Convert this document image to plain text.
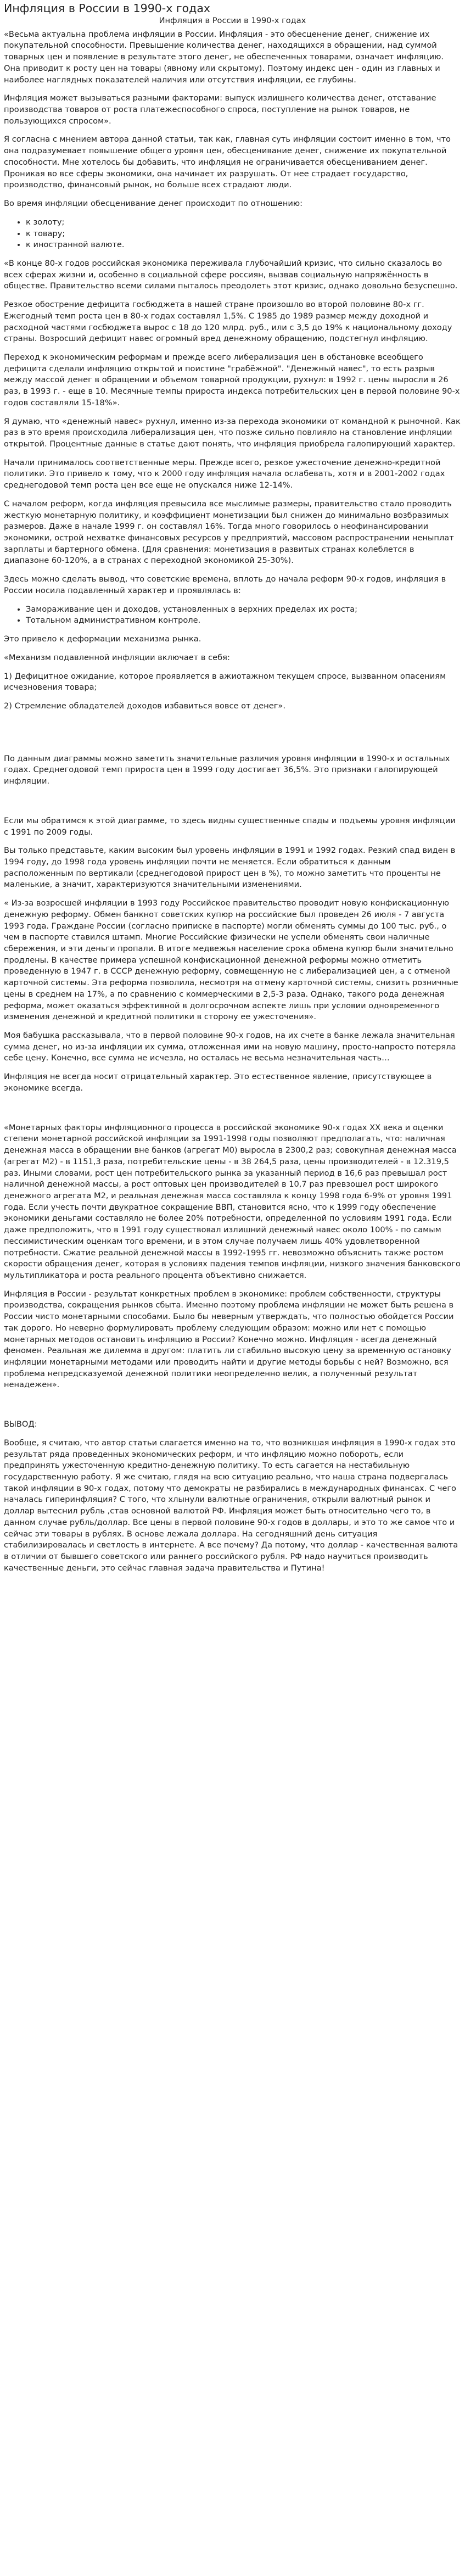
Инфляция в России в 1990-х годах
Инфляция в России в 1990-х годах

«Весьма актуальна проблема инфляции в России. Инфляция - это обесценение денег, снижение их покупательной способности. Превышение количества денег, находящихся в обращении, над суммой товарных цен и появление в результате этого денег, не обеспеченных товарами, означает инфляцию. Она приводит к росту цен на товары (явному или скрытому). Поэтому индекс цен - один из главных и наиболее наглядных показателей наличия или отсутствия инфляции, ее глубины.

Инфляция может вызываться разными факторами: выпуск излишнего количества денег, отставание производства товаров от роста платежеспособного спроса, поступление на рынок товаров, не пользующихся спросом».

Я согласна с мнением автора данной статьи, так как, главная суть инфляции состоит именно в том, что она подразумевает повышение общего уровня цен, обесценивание денег, снижение их покупательной способности. Мне хотелось бы добавить, что инфляция не ограничивается обесцениванием денег. Проникая во все сферы экономики, она начинает их разрушать. От нее страдает государство, производство, финансовый рынок, но больше всех страдают люди.

Во время инфляции обесценивание денег происходит по отношению:

• к золоту;
• к товару;
• к иностранной валюте.

«В конце 80-х годов российская экономика переживала глубочайший кризис, что сильно сказалось во всех сферах жизни и, особенно в социальной сфере россиян, вызвав социальную напряжённость в обществе. Правительство всеми силами пыталось преодолеть этот кризис, однако довольно безуспешно.

Резкое обострение дефицита госбюджета в нашей стране произошло во второй половине 80-х гг. Ежегодный темп роста цен в 80-х годах составлял 1,5%. С 1985 до 1989 размер между доходной и расходной частями госбюджета вырос с 18 до 120 млрд. руб., или с 3,5 до 19% к национальному доходу страны. Возросший дефицит навес огромный вред денежному обращению, подстегнул инфляцию.

Переход к экономическим реформам и прежде всего либерализация цен в обстановке всеобщего дефицита сделали инфляцию открытой и поистине "грабёжной". "Денежный навес", то есть разрыв между массой денег в обращении и объемом товарной продукции, рухнул: в 1992 г. цены выросли в 26 раз, в 1993 г. - еще в 10. Месячные темпы прироста индекса потребительских цен в первой половине 90-х годов составляли 15-18%».

Я думаю, что «денежный навес» рухнул, именно из-за перехода экономики от командной к рыночной. Как раз в это время происходила либерализация цен, что позже сильно повлияло на становление инфляции открытой. Процентные данные в статье дают понять, что инфляция приобрела галопирующий характер.

Начали принималось соответственные меры. Прежде всего, резкое ужесточение денежно-кредитной политики. Это привело к тому, что к 2000 году инфляция начала ослабевать, хотя и в 2001-2002 годах среднегодовой темп роста цен все еще не опускался ниже 12-14%.

С началом реформ, когда инфляция превысила все мыслимые размеры, правительство стало проводить жесткую монетарную политику, и коэффициент монетизации был снижен до минимально возбразимых размеров. Даже в начале 1999 г. он составлял 16%. Тогда много говорилось о неофинансировании экономики, острой нехватке финансовых ресурсов у предприятий, массовом распространении неныплат зарплаты и бартерного обмена. (Для сравнения: монетизация в развитых странах колеблется в диапазоне 60-120%, а в странах с переходной экономикой 25-30%).

Здесь можно сделать вывод, что советские времена, вплоть до начала реформ 90-х годов, инфляция в России носила подавленный характер и проявлялась в:

• Замораживание цен и доходов, установленных в верхних пределах их роста;
• Тотальном административном контроле.

Это привело к деформации механизма рынка.

«Механизм подавленной инфляции включает в себя:

1) Дефицитное ожидание, которое проявляется в ажиотажном текущем спросе, вызванном опасениям исчезновения товара;

2) Стремление обладателей доходов избавиться вовсе от денег».

По данным диаграммы можно заметить значительные различия уровня инфляции в 1990-х и остальных годах. Среднегодовой темп прироста цен в 1999 году достигает 36,5%. Это признаки галопирующей инфляции.

Если мы обратимся к этой диаграмме, то здесь видны существенные спады и подъемы уровня инфляции с 1991 по 2009 годы.

Вы только представьте, каким высоким был уровень инфляции в 1991 и 1992 годах. Резкий спад виден в 1994 году, до 1998 года уровень инфляции почти не меняется. Если обратиться к данным расположенным по вертикали (среднегодовой прирост цен в %), то можно заметить что проценты не маленькие, а значит, характеризуются значительными изменениями.

« Из-за возросшей инфляции в 1993 году Российское правительство проводит новую конфискационную денежную реформу. Обмен банкнот советских купюр на российские был проведен 26 июля - 7 августа 1993 года. Граждане России (согласно приписке в паспорте) могли обменять суммы до 100 тыс. руб., о чем в паспорте ставился штамп. Многие Российские физически не успели обменять свои наличные сбережения, и эти деньги пропали. В итоге медвежья население срока обмена купюр были значительно продлены. В качестве примера успешной конфискационной денежной реформы можно отметить проведенную в 1947 г. в СССР денежную реформу, совмещенную не с либерализацией цен, а с отменой карточной системы. Эта реформа позволила, несмотря на отмену карточной системы, снизить розничные цены в среднем на 17%, а по сравнению с коммерческими в 2,5-3 раза. Однако, такого рода денежная реформа, может оказаться эффективной в долгосрочном аспекте лишь при условии одновременного изменения денежной и кредитной политики в сторону ее ужесточения».

Моя бабушка рассказывала, что в первой половине 90-х годов, на их счете в банке лежала значительная сумма денег, но из-за инфляции их сумма, отложенная ими на новую машину, просто-напросто потеряла себе цену. Конечно, все сумма не исчезла, но осталась не весьма незначительная часть…

Инфляция не всегда носит отрицательный характер. Это естественное явление, присутствующее в экономике всегда.

«Монетарных факторы инфляционного процесса в российской экономике 90-х годах XX века и оценки степени монетарной российской инфляции за 1991-1998 годы позволяют предполагать, что: наличная денежная масса в обращении вне банков (агрегат М0) выросла в 2300,2 раз; совокупная денежная масса (агрегат М2) - в 1151,3 раза, потребительские цены - в 38 264,5 раза, цены производителей - в 12.319,5 раз. Иными словами, рост цен потребительского рынка за указанный период в 16,6 раз превышал рост наличной денежной массы, а рост оптовых цен производителей в 10,7 раз превзошел рост широкого денежного агрегата М2, и реальная денежная масса составляла к концу 1998 года 6-9% от уровня 1991 года. Если учесть почти двукратное сокращение ВВП, становится ясно, что к 1999 году обеспечение экономики деньгами составляло не более 20% потребности, определенной по условиям 1991 года. Если даже предположить, что в 1991 году существовал излишний денежный навес около 100% - по самым пессимистическим оценкам того времени, и в этом случае получаем лишь 40% удовлетворенной потребности. Сжатие реальной денежной массы в 1992-1995 гг. невозможно объяснить также ростом скорости обращения денег, которая в условиях падения темпов инфляции, низкого значения банковского мультипликатора и роста реального процента объективно снижается.

Инфляция в России - результат конкретных проблем в экономике: проблем собственности, структуры производства, сокращения рынков сбыта. Именно поэтому проблема инфляции не может быть решена в России чисто монетарными способами. Было бы неверным утверждать, что полностью обойдется России так дорого. Но неверно формулировать проблему следующим образом: можно или нет с помощью монетарных методов остановить инфляцию в России? Конечно можно. Инфляция - всегда денежный феномен. Реальная же дилемма в другом: платить ли стабильно высокую цену за временную остановку инфляции монетарными методами или проводить найти и другие методы борьбы с ней? Возможно, вся проблема непредсказуемой денежной политики неопределенно велик, а полученный результат ненадежен».

ВЫВОД:

Вообще, я считаю, что автор статьи слагается именно на то, что возникшая инфляция в 1990-х годах это результат ряда проведенных экономических реформ, и что инфляцию можно побороть, если предпринять ужесточенную кредитно-денежную политику. То есть сагается на нестабильную государственную работу. Я же считаю, глядя на всю ситуацию реально, что наша страна подвергалась такой инфляции в 90-х годах, потому что демократы не разбирались в международных финансах. С чего началась гиперинфляция? С того, что хлынули валютные ограничения, открыли валютный рынок и доллар вытеснил рубль ,став основной валютой РФ. Инфляция может быть относительно чего то, в данном случае рубль/доллар. Все цены в первой половине 90-х годов в доллары, и это то же самое что и сейчас эти товары в рублях. В основе лежала доллара. На сегодняшний день ситуация стабилизировалась и светлость в интернете. А все почему? Да потому, что доллар - качественная валюта в отличии от бывшего советского или раннего российского рубля. РФ надо научиться производить качественные деньги, это сейчас главная задача правительства и Путина!
